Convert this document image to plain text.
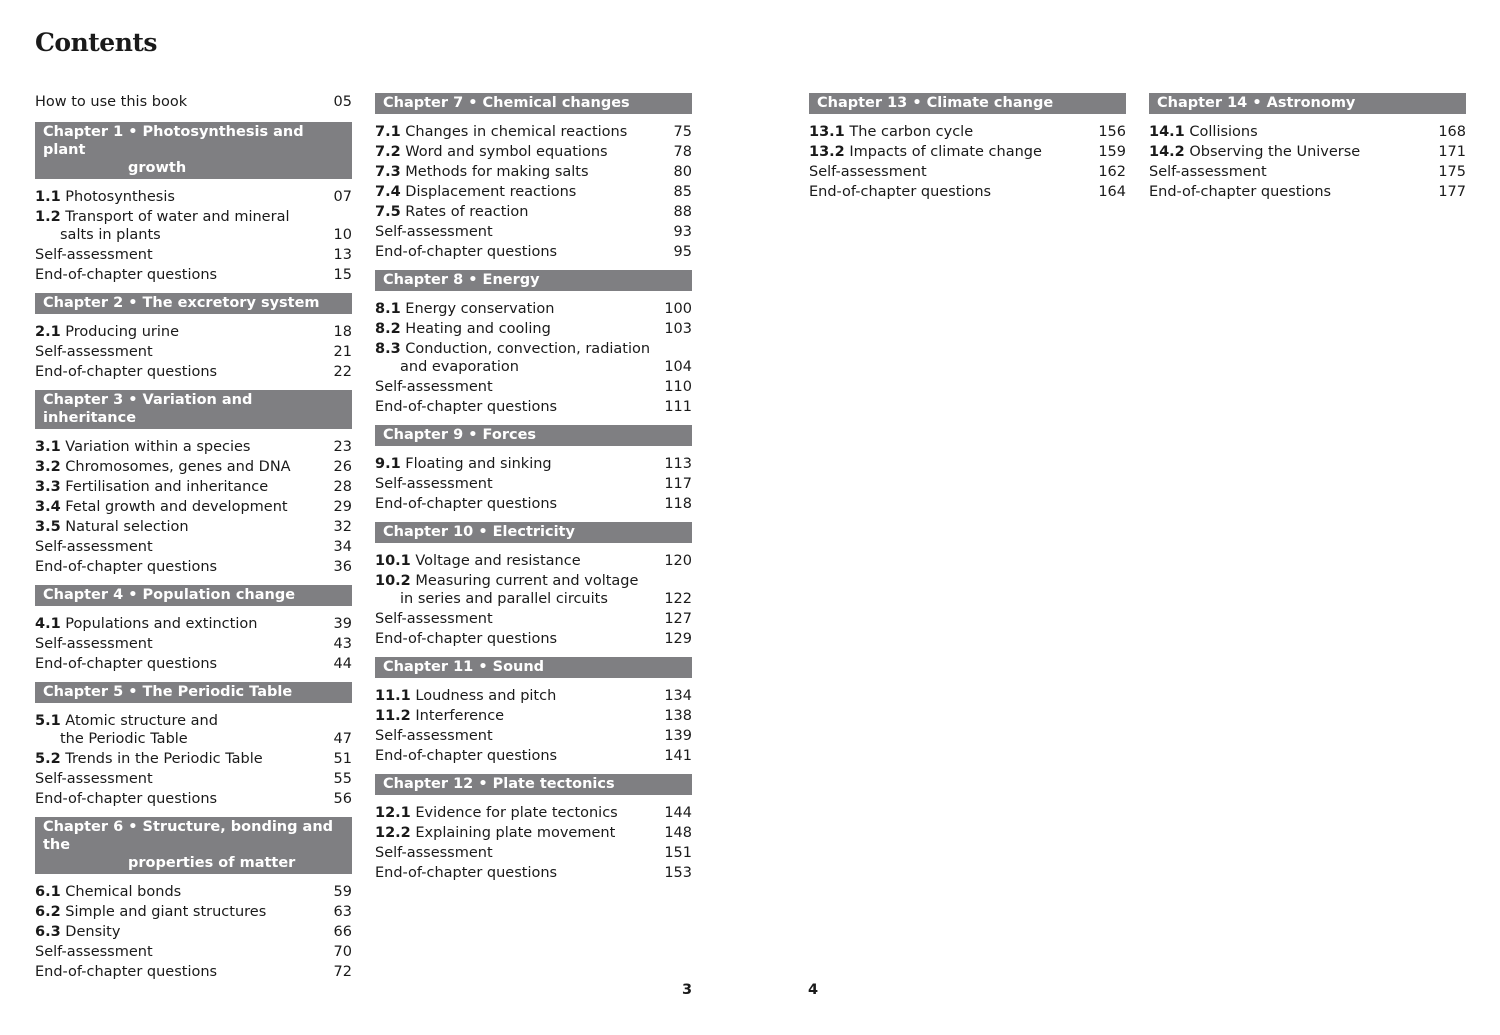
Contents
How to use this book	05
Chapter 1 • Photosynthesis and plant
growth
1.1 Photosynthesis	07
1.2 Transport of water and mineral
salts in plants	10
Self-assessment	13
End-of-chapter questions	15
Chapter 2 • The excretory system
2.1 Producing urine	18
Self-assessment	21
End-of-chapter questions	22
Chapter 3 • Variation and inheritance
3.1 Variation within a species	23
3.2 Chromosomes, genes and DNA	26
3.3 Fertilisation and inheritance	28
3.4 Fetal growth and development	29
3.5 Natural selection	32
Self-assessment	34
End-of-chapter questions	36
Chapter 4 • Population change
4.1 Populations and extinction	39
Self-assessment	43
End-of-chapter questions	44
Chapter 5 • The Periodic Table
5.1 Atomic structure and
the Periodic Table	47
5.2 Trends in the Periodic Table	51
Self-assessment	55
End-of-chapter questions	56
Chapter 6 • Structure, bonding and the
properties of matter
6.1 Chemical bonds	59
6.2 Simple and giant structures	63
6.3 Density	66
Self-assessment	70
End-of-chapter questions	72
Chapter 7 • Chemical changes
7.1 Changes in chemical reactions	75
7.2 Word and symbol equations	78
7.3 Methods for making salts	80
7.4 Displacement reactions	85
7.5 Rates of reaction	88
Self-assessment	93
End-of-chapter questions	95
Chapter 8 • Energy
8.1 Energy conservation	100
8.2 Heating and cooling	103
8.3 Conduction, convection, radiation
and evaporation	104
Self-assessment	110
End-of-chapter questions	111
Chapter 9 • Forces
9.1 Floating and sinking	113
Self-assessment	117
End-of-chapter questions	118
Chapter 10 • Electricity
10.1 Voltage and resistance	120
10.2 Measuring current and voltage
in series and parallel circuits	122
Self-assessment	127
End-of-chapter questions	129
Chapter 11 • Sound
11.1 Loudness and pitch	134
11.2 Interference	138
Self-assessment	139
End-of-chapter questions	141
Chapter 12 • Plate tectonics
12.1 Evidence for plate tectonics	144
12.2 Explaining plate movement	148
Self-assessment	151
End-of-chapter questions	153
Chapter 13 • Climate change
13.1 The carbon cycle	156
13.2 Impacts of climate change	159
Self-assessment	162
End-of-chapter questions	164
Chapter 14 • Astronomy
14.1 Collisions	168
14.2 Observing the Universe	171
Self-assessment	175
End-of-chapter questions	177
3	4
